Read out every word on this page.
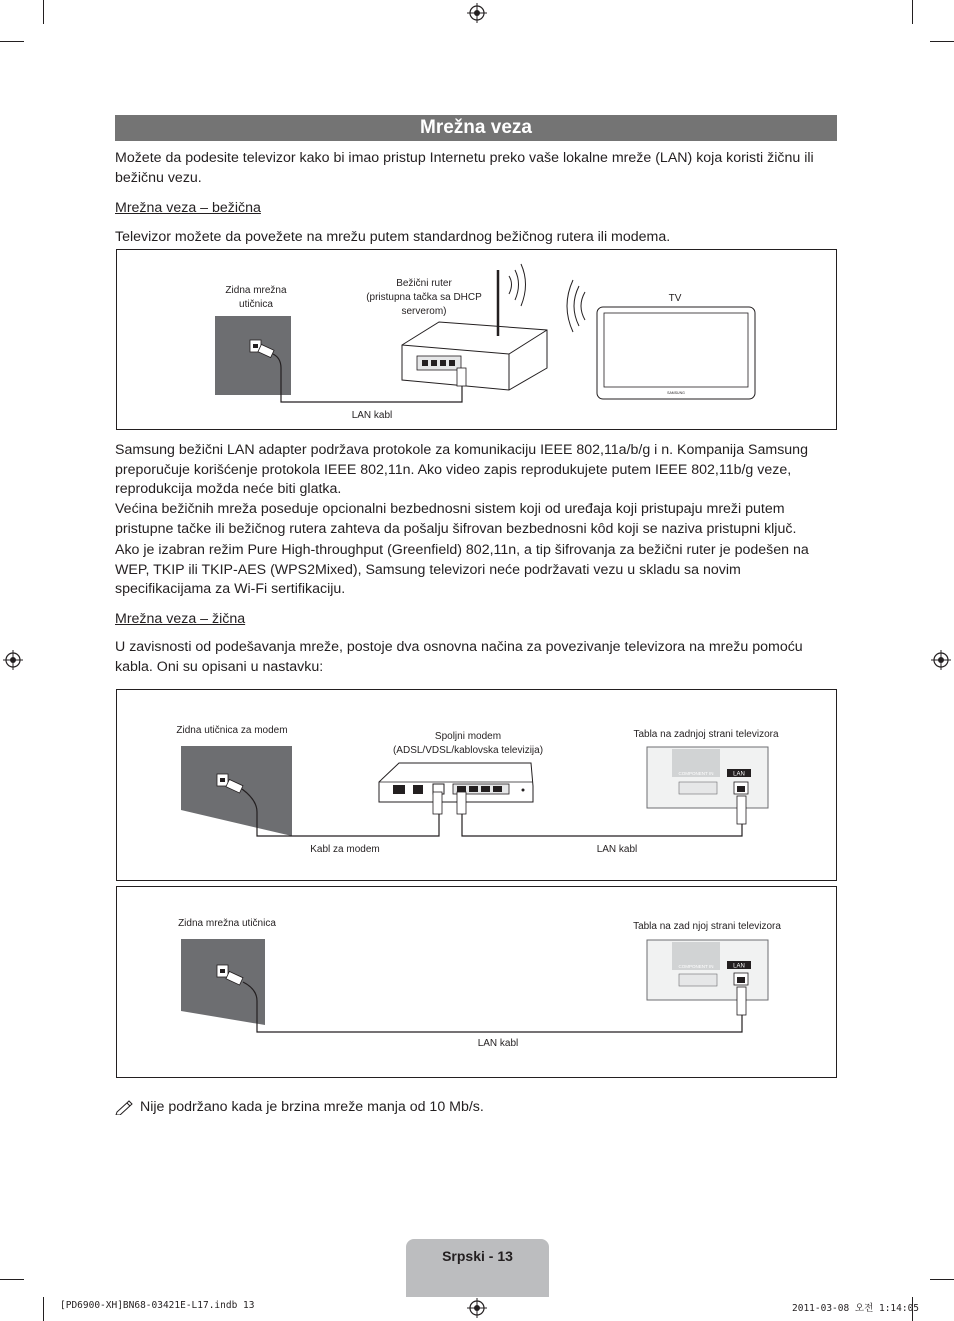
Mrežna veza
Možete da podesite televizor kako bi imao pristup Internetu preko vaše lokalne mreže (LAN) koja koristi žičnu ili bežičnu vezu.
Mrežna veza – bežična
Televizor možete da povežete na mrežu putem standardnog bežičnog rutera ili modema.
Zidna mrežna
utičnica
Bežični ruter
(pristupna tačka sa DHCP
serverom)
SAMSUNG
TV
LAN kabl
Samsung bežični LAN adapter podržava protokole za komunikaciju IEEE 802,11a/b/g i n. Kompanija Samsung preporučuje korišćenje protokola IEEE 802,11n. Ako video zapis reprodukujete putem IEEE 802,11b/g veze, reprodukcija možda neće biti glatka.
Većina bežičnih mreža poseduje opcionalni bezbednosni sistem koji od uređaja koji pristupaju mreži putem pristupne tačke ili bežičnog rutera zahteva da pošalju šifrovan bezbednosni kôd koji se naziva pristupni ključ.
Ako je izabran režim Pure High-throughput (Greenfield) 802,11n, a tip šifrovanja za bežični ruter je podešen na WEP, TKIP ili TKIP-AES (WPS2Mixed), Samsung televizori neće podržavati vezu u skladu sa novim specifikacijama za Wi-Fi sertifikaciju.
Mrežna veza – žična
U zavisnosti od podešavanja mreže, postoje dva osnovna načina za povezivanje televizora na mrežu pomoću kabla. Oni su opisani u nastavku:
Zidna utičnica za modem
Kabl za modem
Spoljni modem
(ADSL/VDSL/kablovska televizija)
LAN kabl
Tabla na zadnjoj strani televizora
COMPONENT IN	LAN
Zidna mrežna utičnica
LAN kabl
Tabla na zad njoj strani televizora
COMPONENT IN	LAN
Nije podržano kada je brzina mreže manja od 10 Mb/s.
Srpski - 13
[PD6900-XH]BN68-03421E-L17.indb 13	2011-03-08 오전 1:14:05
